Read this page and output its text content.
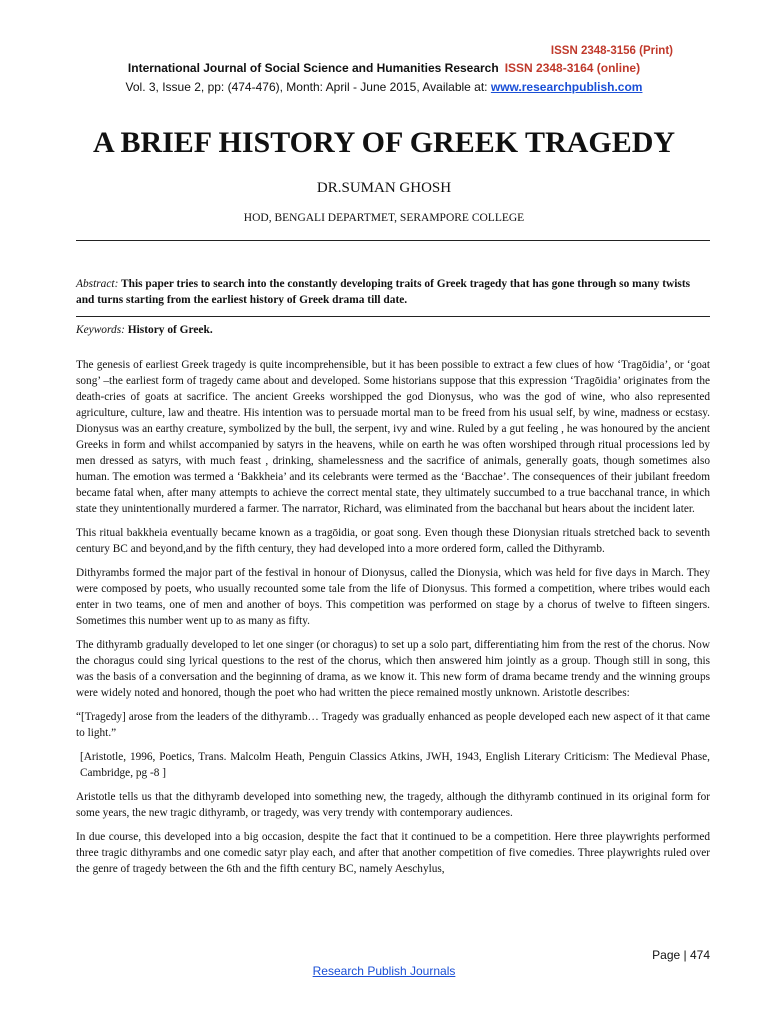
ISSN 2348-3156 (Print)
International Journal of Social Science and Humanities Research ISSN 2348-3164 (online)
Vol. 3, Issue 2, pp: (474-476), Month: April - June 2015, Available at: www.researchpublish.com
A BRIEF HISTORY OF GREEK TRAGEDY
DR.SUMAN GHOSH
HOD, BENGALI DEPARTMET, SERAMPORE COLLEGE
Abstract: This paper tries to search into the constantly developing traits of Greek tragedy that has gone through so many twists and turns starting from the earliest history of Greek drama till date.
Keywords: History of Greek.

The genesis of earliest Greek tragedy is quite incomprehensible, but it has been possible to extract a few clues of how ‘Tragōidia’, or ‘goat song’ –the earliest form of tragedy came about and developed. Some historians suppose that this expression ‘Tragōidia’ originates from the death-cries of goats at sacrifice. The ancient Greeks worshipped the god Dionysus, who was the god of wine, who also represented agriculture, culture, law and theatre. His intention was to persuade mortal man to be freed from his usual self, by wine, madness or ecstasy. Dionysus was an earthy creature, symbolized by the bull, the serpent, ivy and wine. Ruled by a gut feeling , he was honoured by the ancient Greeks in form and whilst accompanied by satyrs in the heavens, while on earth he was often worshiped through ritual processions led by men dressed as satyrs, with much feast , drinking, shamelessness and the sacrifice of animals, generally goats, though sometimes also human. The emotion was termed a ‘Bakkheia’ and its celebrants were termed as the ‘Bacchae’. The consequences of their jubilant freedom became fatal when, after many attempts to achieve the correct mental state, they ultimately succumbed to a true bacchanal trance, in which state they unintentionally murdered a farmer. The narrator, Richard, was eliminated from the bacchanal but hears about the incident later.

This ritual bakkheia eventually became known as a tragōidia, or goat song. Even though these Dionysian rituals stretched back to seventh century BC and beyond,and by the fifth century, they had developed into a more ordered form, called the Dithyramb.

Dithyrambs formed the major part of the festival in honour of Dionysus, called the Dionysia, which was held for five days in March. They were composed by poets, who usually recounted some tale from the life of Dionysus. This formed a competition, where tribes would each enter in two teams, one of men and another of boys. This competition was performed on stage by a chorus of twelve to fifteen singers. Sometimes this number went up to as many as fifty.

The dithyramb gradually developed to let one singer (or choragus) to set up a solo part, differentiating him from the rest of the chorus. Now the choragus could sing lyrical questions to the rest of the chorus, which then answered him jointly as a group. Though still in song, this was the basis of a conversation and the beginning of drama, as we know it. This new form of drama became trendy and the winning groups were widely noted and honored, though the poet who had written the piece remained mostly unknown. Aristotle describes:

“[Tragedy] arose from the leaders of the dithyramb… Tragedy was gradually enhanced as people developed each new aspect of it that came to light.”

[Aristotle, 1996, Poetics, Trans. Malcolm Heath, Penguin Classics Atkins, JWH, 1943, English Literary Criticism: The Medieval Phase, Cambridge, pg -8 ]

Aristotle tells us that the dithyramb developed into something new, the tragedy, although the dithyramb continued in its original form for some years, the new tragic dithyramb, or tragedy, was very trendy with contemporary audiences.

In due course, this developed into a big occasion, despite the fact that it continued to be a competition. Here three playwrights performed three tragic dithyrambs and one comedic satyr play each, and after that another competition of five comedies. Three playwrights ruled over the genre of tragedy between the 6th and the fifth century BC, namely Aeschylus,

Page | 474
Research Publish Journals
